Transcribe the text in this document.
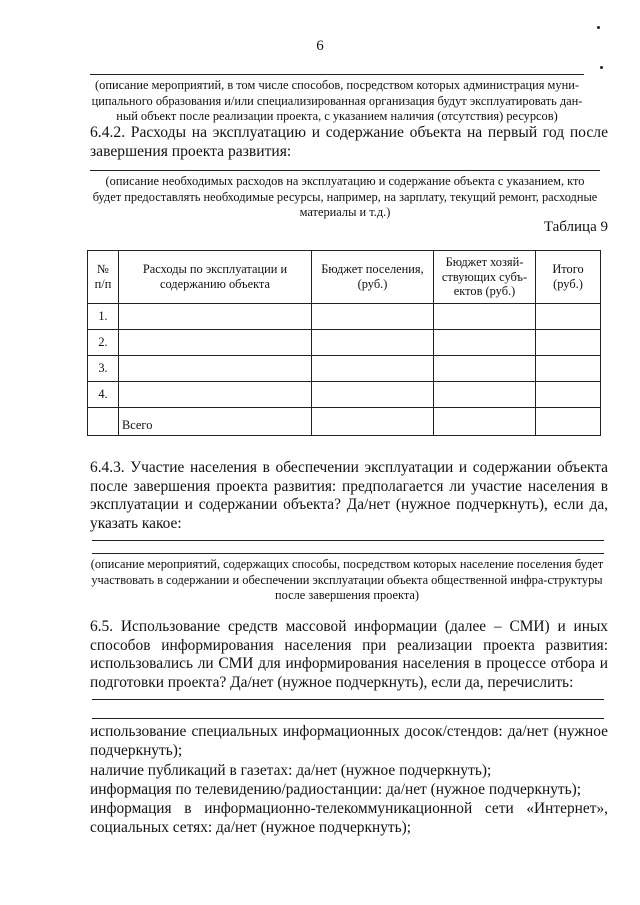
6
(описание мероприятий, в том числе способов, посредством которых администрация муни-ципального образования и/или специализированная организация будут эксплуатировать дан-ный объект после реализации проекта, с указанием наличия (отсутствия) ресурсов)
6.4.2. Расходы на эксплуатацию и содержание объекта на первый год после завершения проекта развития:
(описание необходимых расходов на эксплуатацию и содержание объекта с указанием, кто будет предоставлять необходимые ресурсы, например, на зарплату, текущий ремонт, расходные материалы и т.д.)
Таблица 9
№ п/п	Расходы по эксплуатации и содержанию объекта	Бюджет поселения, (руб.)	Бюджет хозяй-ствующих субъ-ектов (руб.)	Итого (руб.)
1.				
2.				
3.				
4.				
	Всего			
6.4.3. Участие населения в обеспечении эксплуатации и содержании объекта после завершения проекта развития: предполагается ли участие населения в эксплуатации и содержании объекта? Да/нет (нужное подчеркнуть), если да, указать какое:
(описание мероприятий, содержащих способы, посредством которых население поселения будет участвовать в содержании и обеспечении эксплуатации объекта общественной инфра-структуры после завершения проекта)
6.5. Использование средств массовой информации (далее – СМИ) и иных способов информирования населения при реализации проекта развития: использовались ли СМИ для информирования населения в процессе отбора и подготовки проекта? Да/нет (нужное подчеркнуть), если да, перечислить:
использование специальных информационных досок/стендов: да/нет (нужное подчеркнуть);
наличие публикаций в газетах: да/нет (нужное подчеркнуть);
информация по телевидению/радиостанции: да/нет (нужное подчеркнуть);
информация в информационно-телекоммуникационной сети «Интернет», социальных сетях: да/нет (нужное подчеркнуть);
